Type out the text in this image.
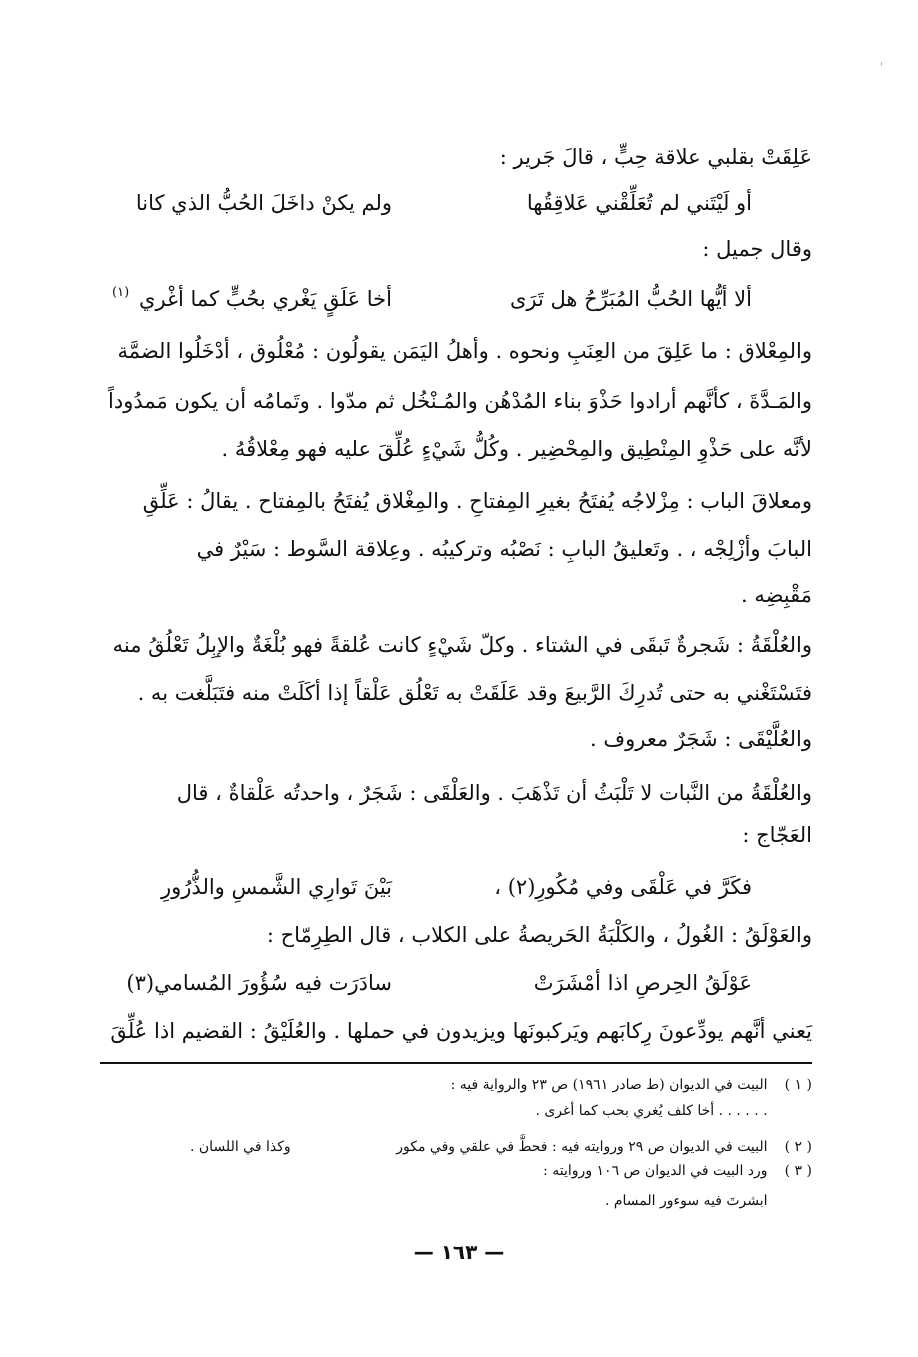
'
عَلِقَتْ بقلبي علاقة حِبٍّ ، قالَ جَرير :
أو لَيْتَني لم تُعَلِّقْني عَلاقِقُها
ولم يكنْ داخَلَ الحُبُّ الذي كانا
وقال جميل :
ألا أيُّها الحُبُّ المُبَرِّحُ هل تَرَى
أخا عَلَقٍ يَغْري بحُبٍّ كما أغْري
(١)
والمِعْلاق : ما عَلِقَ من العِنَبِ ونحوه . وأهلُ اليَمَن يقولُون : مُعْلُوق ، أدْخَلُوا الضمَّة
والمَـدَّةَ ، كأنَّهم أرادوا حَذْوَ بناء المُدْهُن والمُـنْخُل ثم مدّوا . وتَمامُه أن يكون مَمدُوداً
لأنَّه على حَذْوِ المِنْطِيق والمِحْضِير . وكُلُّ شَيْءٍ عُلِّقَ عليه فهو مِعْلاقُهُ .
ومعلاقَ الباب : مِزْلاجُه يُفتَحُ بغيرِ المِفتاحِ . والمِغْلاق يُفتَحُ بالمِفتاح . يقالُ : عَلِّقِ
البابَ وأزْلِجْه ، . وتَعليقُ البابِ : نَصْبُه وتركيبُه . وعِلاقة السَّوط : سَيْرٌ في
مَقْبِضِه .
والعُلْقَةُ : شَجرةٌ تَبقَى في الشتاء . وكلّ شَيْءٍ كانت عُلقةً فهو بُلْغَةٌ والإبِلُ تَعْلُقُ منه
فتَسْتَغْني به حتى تُدرِكَ الرَّبيعَ وقد عَلَقَتْ به تَعْلُق عَلْقاً إذا أكَلَتْ منه فتَبَلَّغت به .
والعُلَّيْقَى : شَجَرٌ معروف .
والعُلْقَةُ من النَّبات لا تَلْبَثُ أن تَذْهَبَ . والعَلْقَى : شَجَرٌ ، واحدتُه عَلْقاةٌ ، قال
العَجّاج :
فكَرَّ في عَلْقَى وفي مُكُورِ(٢) ،
بَيْنَ تَوارِي الشَّمسِ والذُّرُورِ
والعَوْلَقُ : الغُولُ ، والكَلْبَةُ الحَريصةُ على الكلاب ، قال الطِرِمّاح :
عَوْلَقُ الحِرصِ اذا أمْشَرَتْ
سادَرَت فيه سُؤُورَ المُسامي(٣)
يَعني أنَّهم يودِّعونَ رِكابَهم ويَركبونَها ويزيدون في حملها . والعُلَيْقُ : القضيم اذا عُلِّقَ
( ١ ) البيت في الديوان (ط صادر ١٩٦١) ص ٢٣ والرواية فيه :
. . . . . . أخا كلف يُغري بحب كما أغرى .
( ٢ ) البيت في الديوان ص ٢٩ وروايته فيه : فحطَّ في علقي وفي مكور
وكذا في اللسان .
( ٣ ) ورد البيت في الديوان ص ١٠٦ وروايته :
ابشرتَ فيه سوءور المسام .
— ١٦٣ —
